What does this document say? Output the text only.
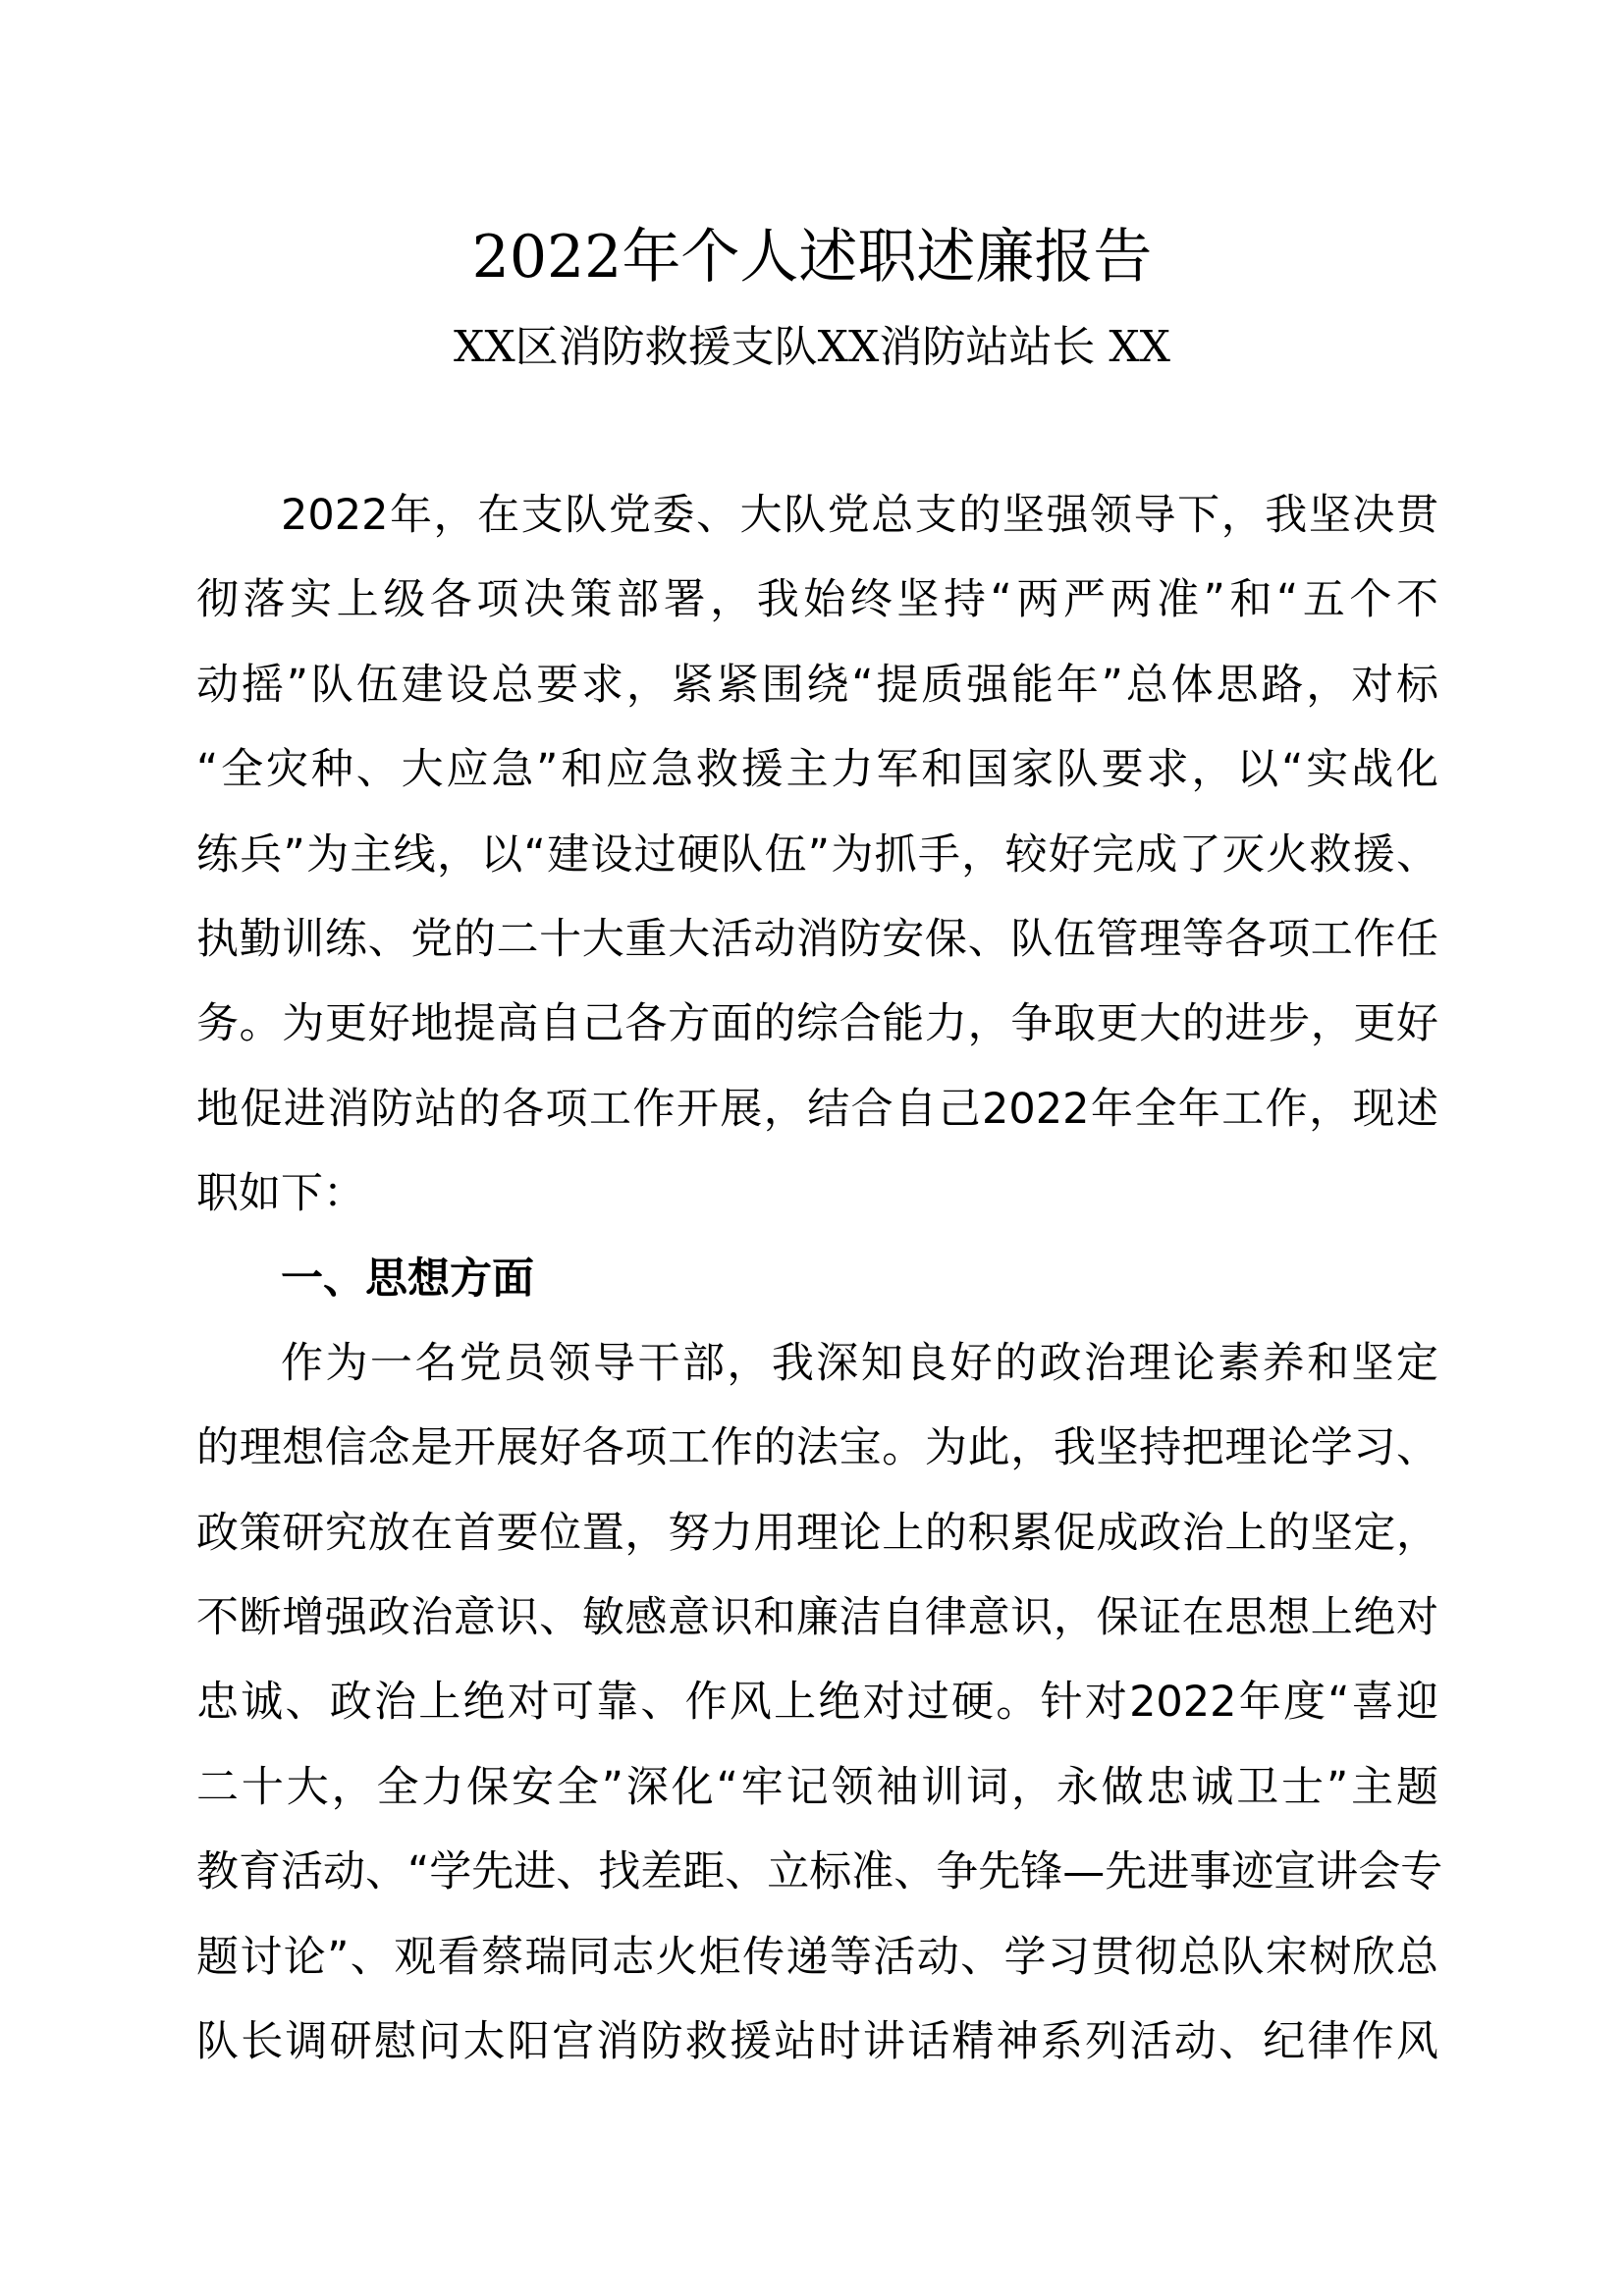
2022年个人述职述廉报告
XX区消防救援支队XX消防站站长 XX
2022年，在支队党委、大队党总支的坚强领导下，我坚决贯
彻落实上级各项决策部署，我始终坚持“两严两准”和“五个不
动摇”队伍建设总要求，紧紧围绕“提质强能年”总体思路，对标
“全灾种、大应急”和应急救援主力军和国家队要求，以“实战化
练兵”为主线，以“建设过硬队伍”为抓手，较好完成了灭火救援、
执勤训练、党的二十大重大活动消防安保、队伍管理等各项工作任
务。为更好地提高自己各方面的综合能力，争取更大的进步，更好
地促进消防站的各项工作开展，结合自己2022年全年工作，现述
职如下：
一、思想方面
作为一名党员领导干部，我深知良好的政治理论素养和坚定
的理想信念是开展好各项工作的法宝。为此，我坚持把理论学习、
政策研究放在首要位置，努力用理论上的积累促成政治上的坚定，
不断增强政治意识、敏感意识和廉洁自律意识，保证在思想上绝对
忠诚、政治上绝对可靠、作风上绝对过硬。针对2022年度“喜迎
二十大，全力保安全”深化“牢记领袖训词，永做忠诚卫士”主题
教育活动、“学先进、找差距、立标准、争先锋—先进事迹宣讲会专
题讨论”、观看蔡瑞同志火炬传递等活动、学习贯彻总队宋树欣总
队长调研慰问太阳宫消防救援站时讲话精神系列活动、纪律作风
